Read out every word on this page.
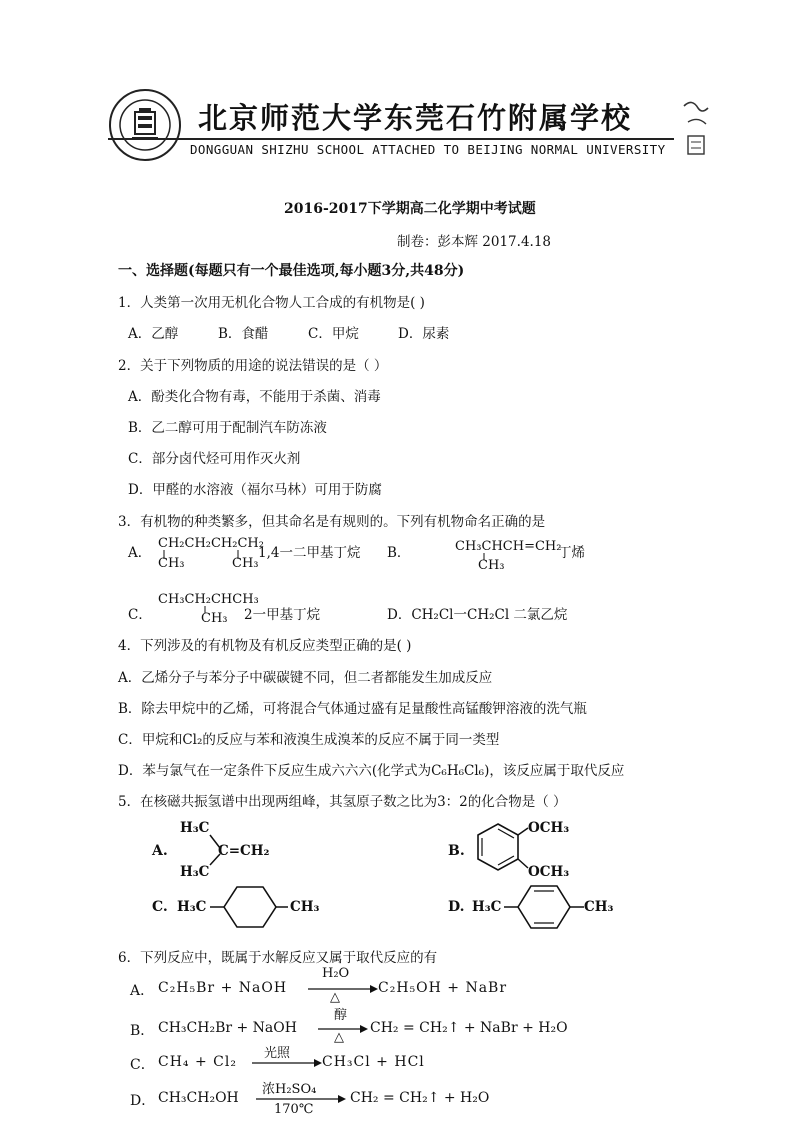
北京师范大学东莞石竹附属学校
DONGGUAN SHIZHU SCHOOL ATTACHED TO BEIJING NORMAL UNIVERSITY
2016-2017下学期高二化学期中考试题
制卷：彭本辉 2017.4.18
一、选择题(每题只有一个最佳选项,每小题3分,共48分)
1．人类第一次用无机化合物人工合成的有机物是( )
A．乙醇	B．食醋	C．甲烷	D．尿素
2．关于下列物质的用途的说法错误的是（ ）
A．酚类化合物有毒，不能用于杀菌、消毒
B．乙二醇可用于配制汽车防冻液
C．部分卤代烃可用作灭火剂
D．甲醛的水溶液（福尔马林）可用于防腐
3．有机物的种类繁多，但其命名是有规则的。下列有机物命名正确的是
A．
CH₂CH₂CH₂CH₂
CH₃	CH₃
1,4一二甲基丁烷 B．	CH₃CHCH=CH₂
CH₃
丁烯
C．
CH₃CH₂CHCH₃
CH₃ 2一甲基丁烷	D．CH₂Cl一CH₂Cl 二氯乙烷
4．下列涉及的有机物及有机反应类型正确的是( )
A．乙烯分子与苯分子中碳碳键不同，但二者都能发生加成反应
B．除去甲烷中的乙烯，可将混合气体通过盛有足量酸性高锰酸钾溶液的洗气瓶
C．甲烷和Cl₂的反应与苯和液溴生成溴苯的反应不属于同一类型
D．苯与氯气在一定条件下反应生成六六六(化学式为C₆H₆Cl₆)，该反应属于取代反应
5．在核磁共振氢谱中出现两组峰，其氢原子数之比为3：2的化合物是（ ）
A.
H₃C
H₃C
C=CH₂	B.
OCH₃
OCH₃
C. H₃C	CH₃	D. H₃C	CH₃
6．下列反应中，既属于水解反应又属于取代反应的有
A． C₂H₅Br + NaOH
H₂O
△
C₂H₅OH + NaBr
B． CH₃CH₂Br + NaOH
醇
△
CH₂ = CH₂↑ + NaBr + H₂O
C． CH₄ + Cl₂
光照
CH₃Cl + HCl
D． CH₃CH₂OH
浓H₂SO₄
170℃
CH₂ = CH₂↑ + H₂O
